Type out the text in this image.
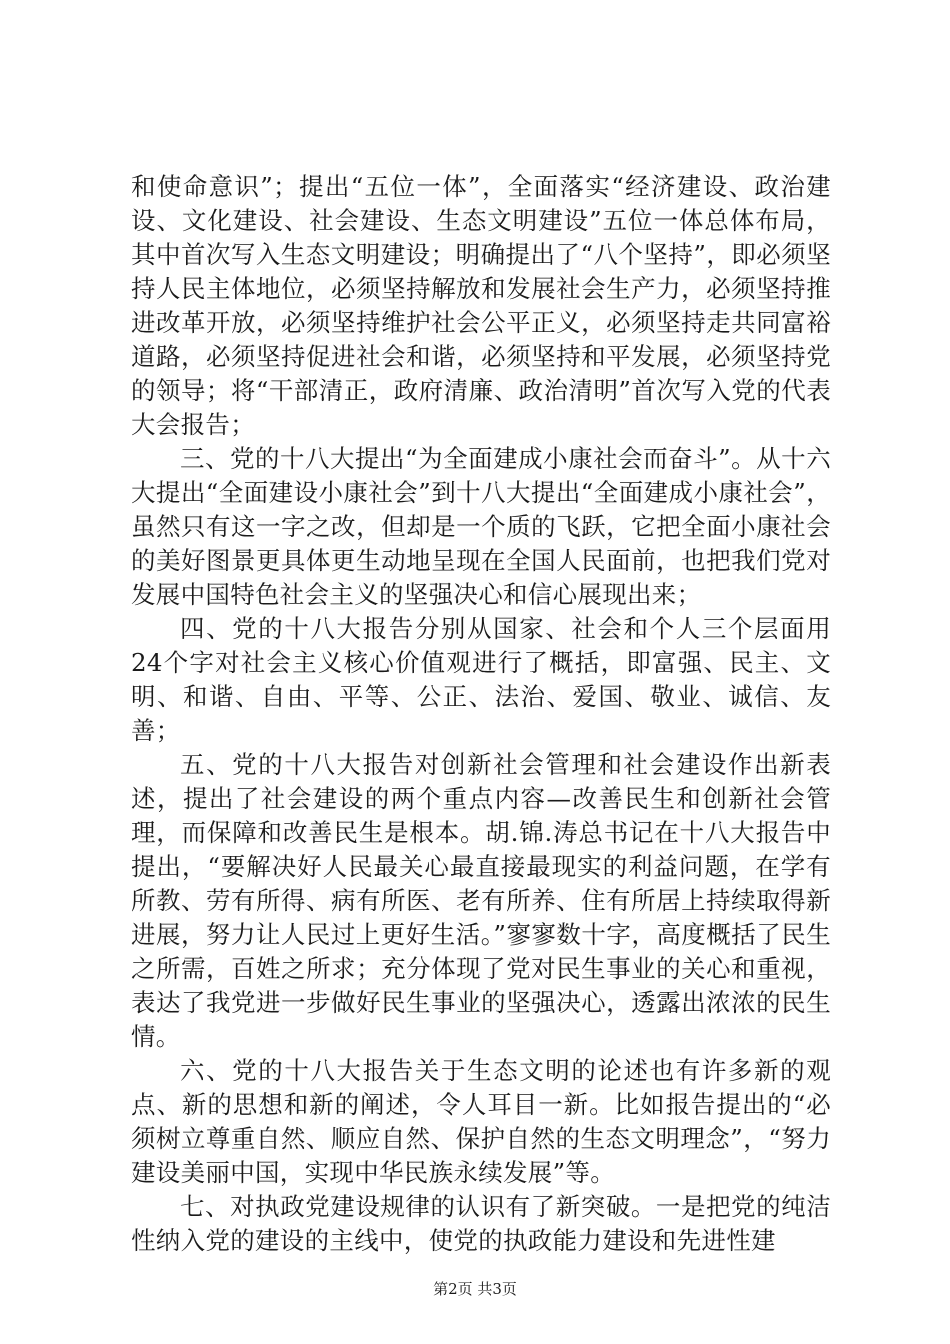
和使命意识”；提出“五位一体”，全面落实“经济建设、政治建设、文化建设、社会建设、生态文明建设”五位一体总体布局，其中首次写入生态文明建设；明确提出了“八个坚持”，即必须坚持人民主体地位，必须坚持解放和发展社会生产力，必须坚持推进改革开放，必须坚持维护社会公平正义，必须坚持走共同富裕道路，必须坚持促进社会和谐，必须坚持和平发展，必须坚持党的领导；将“干部清正，政府清廉、政治清明”首次写入党的代表大会报告；

三、党的十八大提出“为全面建成小康社会而奋斗”。从十六大提出“全面建设小康社会”到十八大提出“全面建成小康社会”，虽然只有这一字之改，但却是一个质的飞跃，它把全面小康社会的美好图景更具体更生动地呈现在全国人民面前，也把我们党对发展中国特色社会主义的坚强决心和信心展现出来；

四、党的十八大报告分别从国家、社会和个人三个层面用24个字对社会主义核心价值观进行了概括，即富强、民主、文明、和谐、自由、平等、公正、法治、爱国、敬业、诚信、友善；

五、党的十八大报告对创新社会管理和社会建设作出新表述，提出了社会建设的两个重点内容—改善民生和创新社会管理，而保障和改善民生是根本。胡.锦.涛总书记在十八大报告中提出，“要解决好人民最关心最直接最现实的利益问题，在学有所教、劳有所得、病有所医、老有所养、住有所居上持续取得新进展，努力让人民过上更好生活。”寥寥数十字，高度概括了民生之所需，百姓之所求；充分体现了党对民生事业的关心和重视，表达了我党进一步做好民生事业的坚强决心，透露出浓浓的民生情。

六、党的十八大报告关于生态文明的论述也有许多新的观点、新的思想和新的阐述，令人耳目一新。比如报告提出的“必须树立尊重自然、顺应自然、保护自然的生态文明理念”，“努力建设美丽中国，实现中华民族永续发展”等。

七、对执政党建设规律的认识有了新突破。一是把党的纯洁性纳入党的建设的主线中，使党的执政能力建设和先进性建

第2页 共3页
